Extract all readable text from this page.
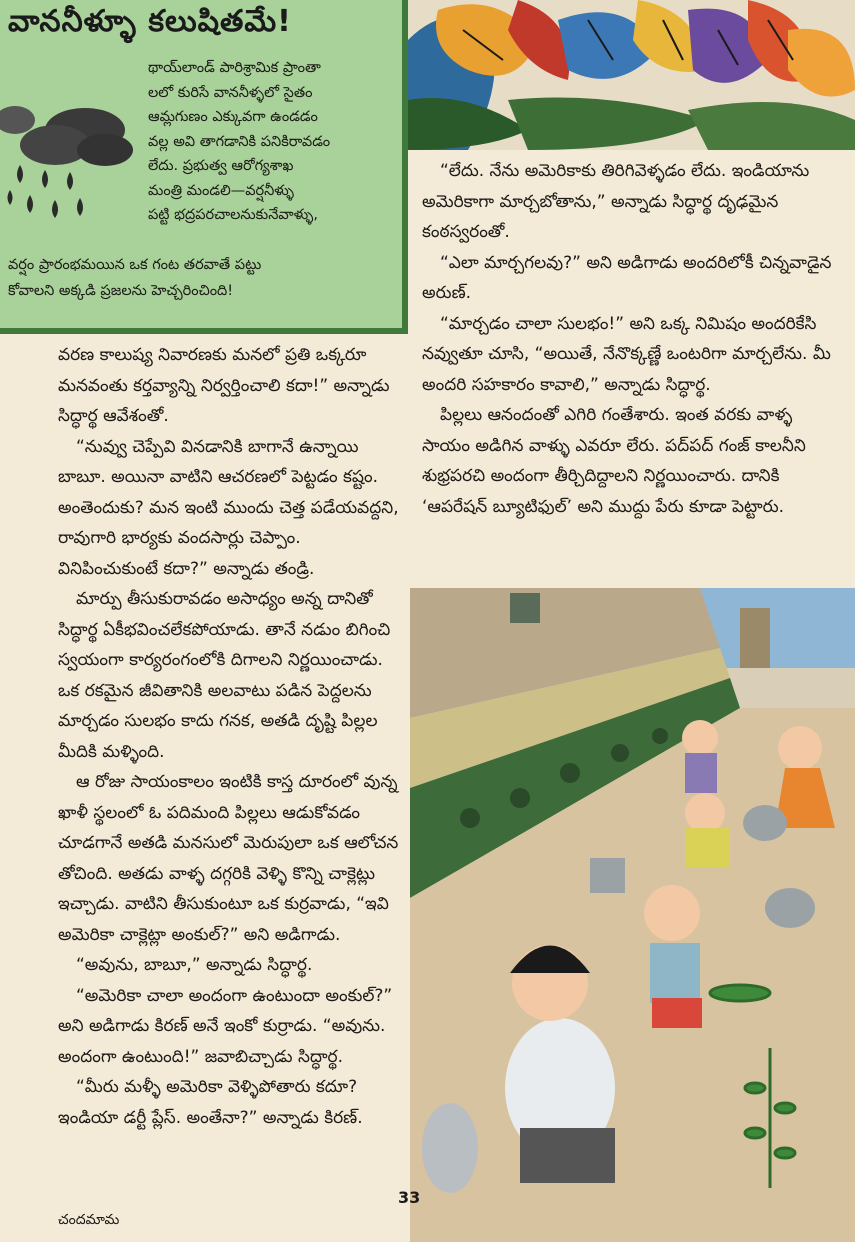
వాననీళ్ళూ కలుషితమే!

థాయ్‌లాండ్ పారిశ్రామిక ప్రాంతా

లలో కురిసే వాననీళ్ళలో సైతం

ఆమ్లగుణం ఎక్కువగా ఉండడం

వల్ల అవి తాగడానికి పనికిరావడం

లేదు. ప్రభుత్వ ఆరోగ్యశాఖ

మంత్రి మండలి—వర్షనీళ్ళు

పట్టి భద్రపరచాలనుకునేవాళ్ళు,

వర్షం ప్రారంభమయిన ఒక గంట తరవాతే పట్టు

కోవాలని అక్కడి ప్రజలను హెచ్చరించింది!

“లేదు. నేను అమెరికాకు తిరిగివెళ్ళడం లేదు. ఇండియాను అమెరికాగా మార్చబోతాను,” అన్నాడు సిద్ధార్థ దృఢమైన కంఠస్వరంతో.

“ఎలా మార్చగలవు?” అని అడిగాడు అందరిలోకీ చిన్నవాడైన అరుణ్.

“మార్చడం చాలా సులభం!” అని ఒక్క నిమిషం అందరికేసి నవ్వుతూ చూసి, “అయితే, నేనొక్కణ్ణే ఒంటరిగా మార్చలేను. మీ అందరి సహకారం కావాలి,” అన్నాడు సిద్ధార్థ.

పిల్లలు ఆనందంతో ఎగిరి గంతేశారు. ఇంత వరకు వాళ్ళ సాయం అడిగిన వాళ్ళు ఎవరూ లేరు. పద్‌పద్ గంజ్ కాలనీని శుభ్రపరచి అందంగా తీర్చిదిద్దాలని నిర్ణయించారు. దానికి ‘ఆపరేషన్ బ్యూటిఫుల్’ అని ముద్దు పేరు కూడా పెట్టారు.

వరణ కాలుష్య నివారణకు మనలో ప్రతి ఒక్కరూ మనవంతు కర్తవ్యాన్ని నిర్వర్తించాలి కదా!” అన్నాడు సిద్ధార్థ ఆవేశంతో.

“నువ్వు చెప్పేవి వినడానికి బాగానే ఉన్నాయి బాబూ. అయినా వాటిని ఆచరణలో పెట్టడం కష్టం. అంతెందుకు? మన ఇంటి ముందు చెత్త పడేయవద్దని, రావుగారి భార్యకు వందసార్లు చెప్పాం. వినిపించుకుంటే కదా?” అన్నాడు తండ్రి.

మార్పు తీసుకురావడం అసాధ్యం అన్న దానితో సిద్ధార్థ ఏకీభవించలేకపోయాడు. తానే నడుం బిగించి స్వయంగా కార్యరంగంలోకి దిగాలని నిర్ణయించాడు. ఒక రకమైన జీవితానికి అలవాటు పడిన పెద్దలను మార్చడం సులభం కాదు గనక, అతడి దృష్టి పిల్లల మీదికి మళ్ళింది.

ఆ రోజు సాయంకాలం ఇంటికి కాస్త దూరంలో వున్న ఖాళీ స్థలంలో ఓ పదిమంది పిల్లలు ఆడుకోవడం చూడగానే అతడి మనసులో మెరుపులా ఒక ఆలోచన తోచింది. అతడు వాళ్ళ దగ్గరికి వెళ్ళి కొన్ని చాక్లెట్లు ఇచ్చాడు. వాటిని తీసుకుంటూ ఒక కుర్రవాడు, “ఇవి అమెరికా చాక్లెట్లా అంకుల్?” అని అడిగాడు.

“అవును, బాబూ,” అన్నాడు సిద్ధార్థ.

“అమెరికా చాలా అందంగా ఉంటుందా అంకుల్?” అని అడిగాడు కిరణ్ అనే ఇంకో కుర్రాడు. “అవును. అందంగా ఉంటుంది!” జవాబిచ్చాడు సిద్ధార్థ.

“మీరు మళ్ళీ అమెరికా వెళ్ళిపోతారు కదూ? ఇండియా డర్టీ ప్లేస్. అంతేనా?” అన్నాడు కిరణ్.

33
చందమామ
